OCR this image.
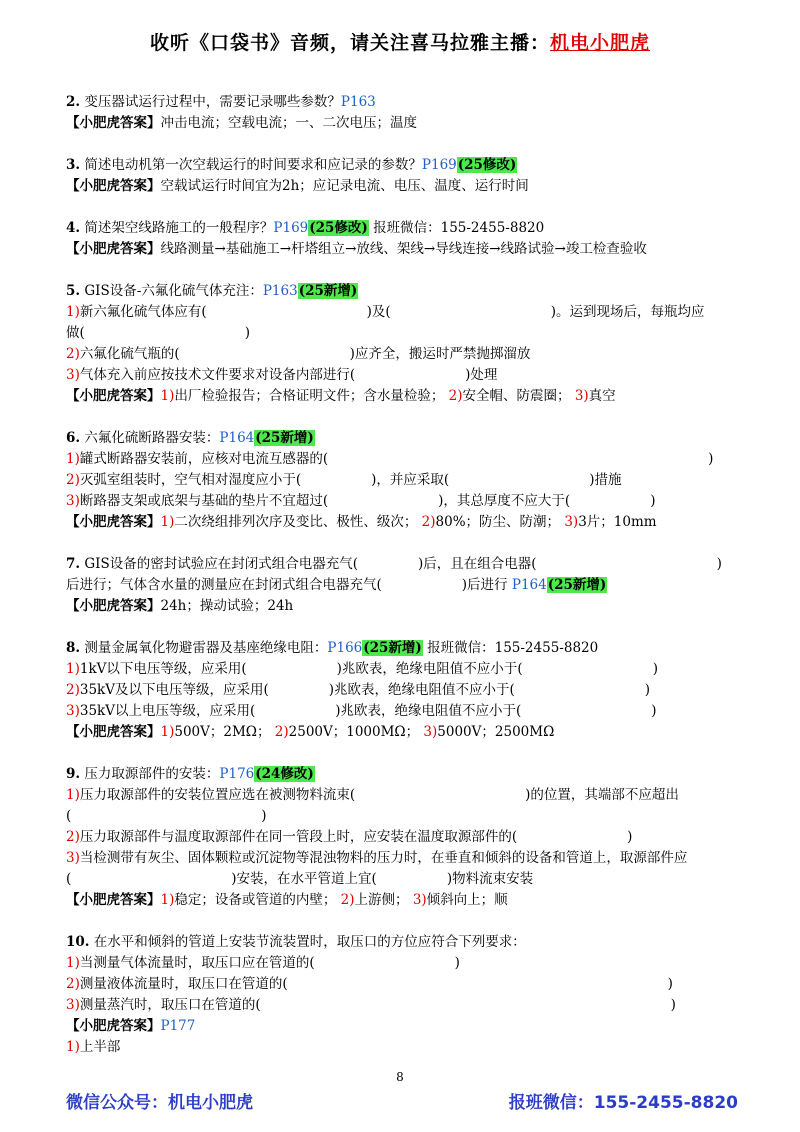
收听《口袋书》音频，请关注喜马拉雅主播：机电小肥虎
2. 变压器试运行过程中，需要记录哪些参数？P163
【小肥虎答案】冲击电流；空载电流；一、二次电压；温度
3. 简述电动机第一次空载运行的时间要求和应记录的参数？P169(25修改)
【小肥虎答案】空载试运行时间宜为2h；应记录电流、电压、温度、运行时间
4. 简述架空线路施工的一般程序？P169(25修改) 报班微信：155-2455-8820
【小肥虎答案】线路测量→基础施工→杆塔组立→放线、架线→导线连接→线路试验→竣工检查验收
5. GIS设备-六氟化硫气体充注：P163(25新增)
1)新六氟化硫气体应有(	)及(	)。运到现场后，每瓶均应
做(	)
2)六氟化硫气瓶的(	)应齐全，搬运时严禁抛掷溜放
3)气体充入前应按技术文件要求对设备内部进行(	)处理
【小肥虎答案】1)出厂检验报告；合格证明文件；含水量检验； 2)安全帽、防震圈； 3)真空
6. 六氟化硫断路器安装：P164(25新增)
1)罐式断路器安装前，应核对电流互感器的(	)
2)灭弧室组装时，空气相对湿度应小于(	)，并应采取(	)措施
3)断路器支架或底架与基础的垫片不宜超过(	)，其总厚度不应大于(	)
【小肥虎答案】1)二次绕组排列次序及变比、极性、级次； 2)80%；防尘、防潮； 3)3片；10mm
7. GIS设备的密封试验应在封闭式组合电器充气(	)后，且在组合电器(	)
后进行；气体含水量的测量应在封闭式组合电器充气(	)后进行 P164(25新增)
【小肥虎答案】24h；操动试验；24h
8. 测量金属氧化物避雷器及基座绝缘电阻：P166(25新增) 报班微信：155-2455-8820
1)1kV以下电压等级，应采用(	)兆欧表，绝缘电阻值不应小于(	)
2)35kV及以下电压等级，应采用(	)兆欧表，绝缘电阻值不应小于(	)
3)35kV以上电压等级，应采用(	)兆欧表，绝缘电阻值不应小于(	)
【小肥虎答案】1)500V；2MΩ； 2)2500V；1000MΩ； 3)5000V；2500MΩ
9. 压力取源部件的安装：P176(24修改)
1)压力取源部件的安装位置应选在被测物料流束(	)的位置，其端部不应超出
(	)
2)压力取源部件与温度取源部件在同一管段上时，应安装在温度取源部件的(	)
3)当检测带有灰尘、固体颗粒或沉淀物等混浊物料的压力时，在垂直和倾斜的设备和管道上，取源部件应
(	)安装，在水平管道上宜(	)物料流束安装
【小肥虎答案】1)稳定；设备或管道的内壁； 2)上游侧； 3)倾斜向上；顺
10. 在水平和倾斜的管道上安装节流装置时，取压口的方位应符合下列要求：
1)当测量气体流量时，取压口应在管道的(	)
2)测量液体流量时，取压口在管道的(	)
3)测量蒸汽时，取压口在管道的(	)
【小肥虎答案】P177
1)上半部
8
微信公众号：机电小肥虎	报班微信：155-2455-8820
